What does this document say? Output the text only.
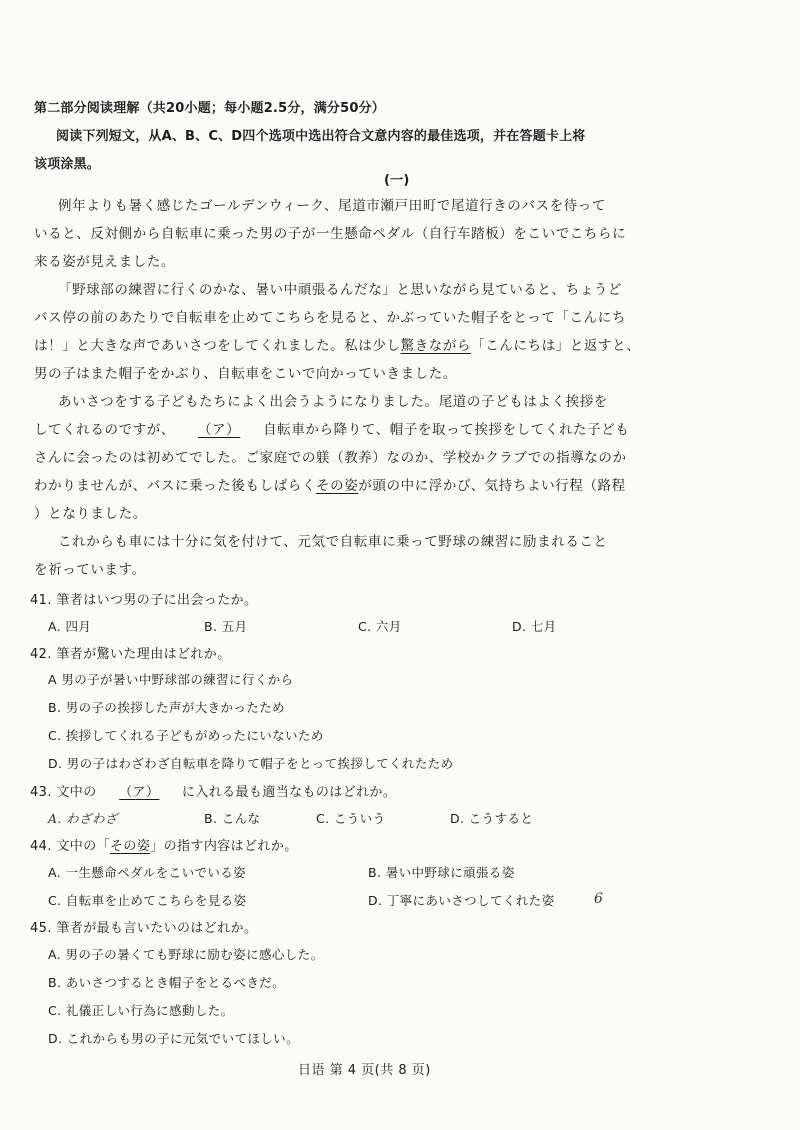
第二部分阅读理解（共20小题；每小题2.5分，满分50分）
阅读下列短文，从A、B、C、D四个选项中选出符合文意内容的最佳选项，并在答题卡上将
该项涂黑。
(一)
例年よりも暑く感じたゴールデンウィーク、尾道市瀬戸田町で尾道行きのバスを待って
いると、反対側から自転車に乗った男の子が一生懸命ペダル（自行车踏板）をこいでこちらに
来る姿が見えました。
「野球部の練習に行くのかな、暑い中頑張るんだな」と思いながら見ていると、ちょうど
バス停の前のあたりで自転車を止めてこちらを見ると、かぶっていた帽子をとって「こんにち
は！」と大きな声であいさつをしてくれました。私は少し驚きながら「こんにちは」と返すと、
男の子はまた帽子をかぶり、自転車をこいで向かっていきました。
あいさつをする子どもたちによく出会うようになりました。尾道の子どもはよく挨拶を
してくれるのですが、 （ア） 自転車から降りて、帽子を取って挨拶をしてくれた子ども
さんに会ったのは初めてでした。ご家庭での躾（教养）なのか、学校かクラブでの指導なのか
わかりませんが、バスに乗った後もしばらくその姿が頭の中に浮かび、気持ちよい行程（路程
）となりました。
これからも車には十分に気を付けて、元気で自転車に乗って野球の練習に励まれること
を祈っています。
41. 筆者はいつ男の子に出会ったか。
A. 四月	B. 五月	C. 六月	D. 七月
42. 筆者が驚いた理由はどれか。
A 男の子が暑い中野球部の練習に行くから
B. 男の子の挨拶した声が大きかったため
C. 挨拶してくれる子どもがめったにいないため
D. 男の子はわざわざ自転車を降りて帽子をとって挨拶してくれたため
43. 文中の （ア） に入れる最も適当なものはどれか。
A. わざわざ	B. こんな	C. こういう	D. こうすると
44. 文中の「その姿」の指す内容はどれか。
A. 一生懸命ペダルをこいでいる姿	B. 暑い中野球に頑張る姿
C. 自転車を止めてこちらを見る姿	D. 丁寧にあいさつしてくれた姿	6
45. 筆者が最も言いたいのはどれか。
A. 男の子の暑くても野球に励む姿に感心した。
B. あいさつするとき帽子をとるべきだ。
C. 礼儀正しい行為に感動した。
D. これからも男の子に元気でいてほしい。
日语 第 4 页(共 8 页)
